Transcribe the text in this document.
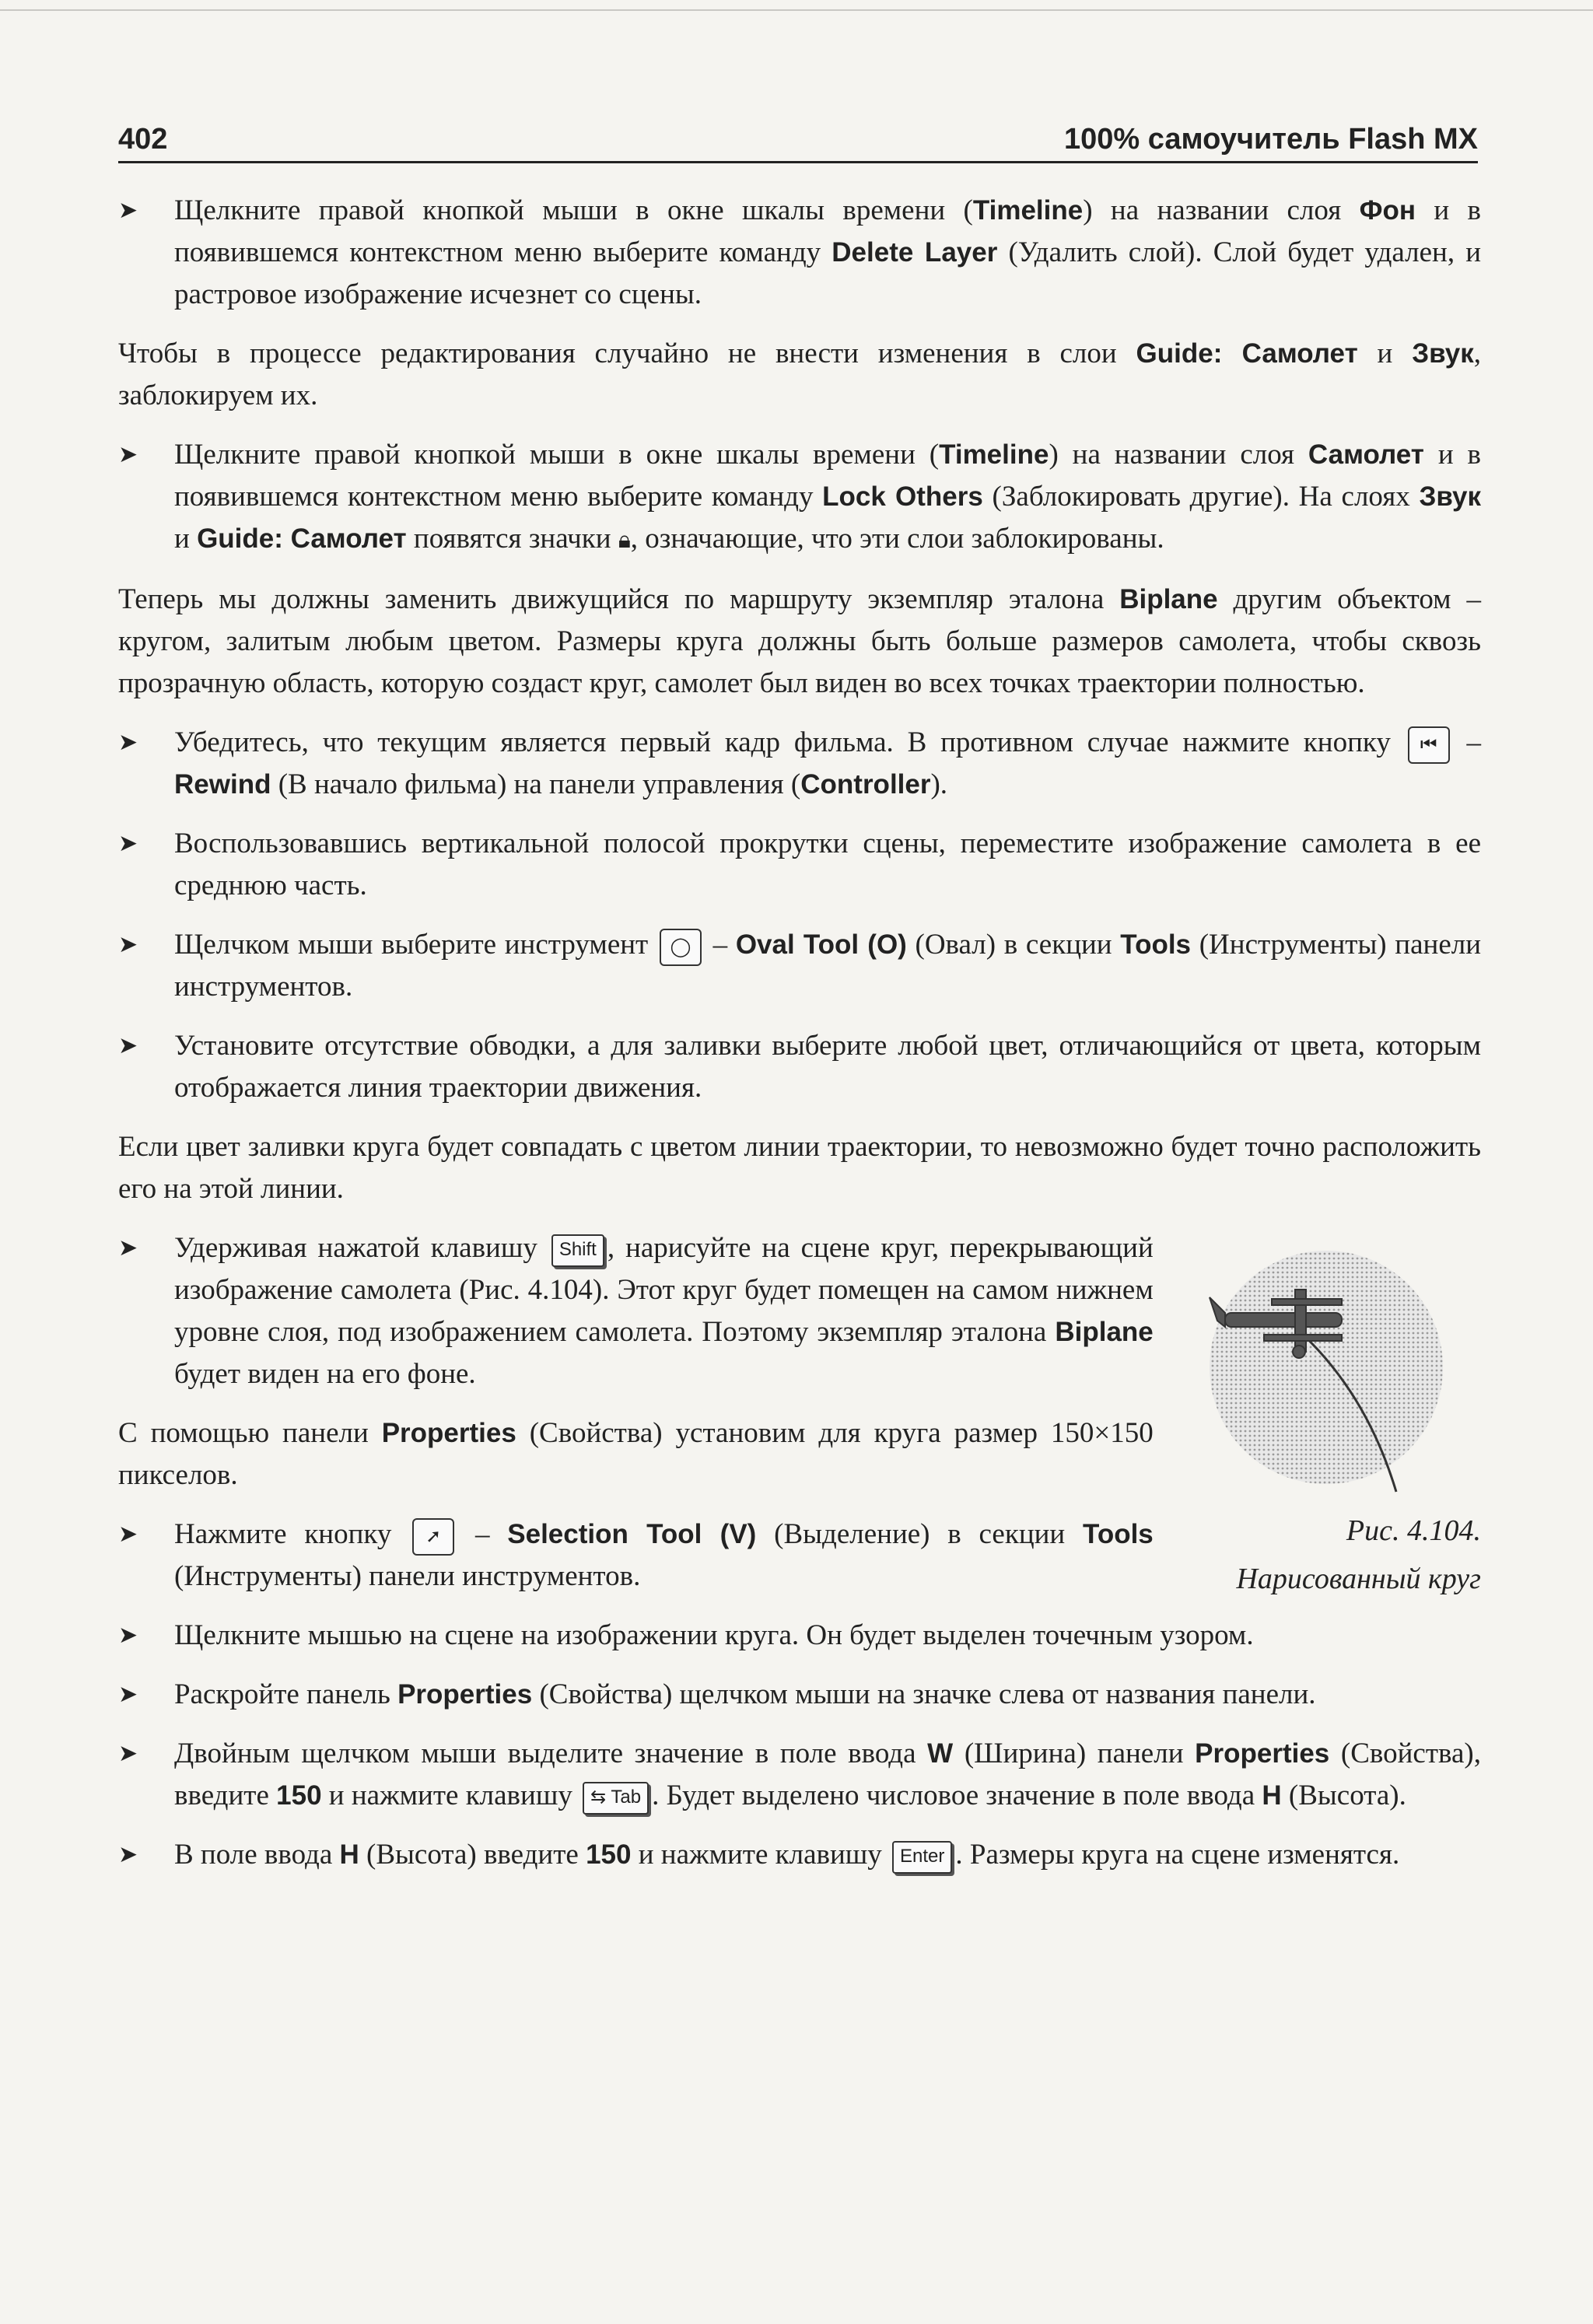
402	100% самоучитель Flash MX
➤ Щелкните правой кнопкой мыши в окне шкалы времени (Timeline) на названии слоя Фон и в появившемся контекстном меню выберите команду Delete Layer (Удалить слой). Слой будет удален, и растровое изображение исчезнет со сцены.
Чтобы в процессе редактирования случайно не внести изменения в слои Guide: Самолет и Звук, заблокируем их.
➤ Щелкните правой кнопкой мыши в окне шкалы времени (Timeline) на названии слоя Самолет и в появившемся контекстном меню выберите команду Lock Others (Заблокировать другие). На слоях Звук и Guide: Самолет появятся значки 🔒︎, означающие, что эти слои заблокированы.
Теперь мы должны заменить движущийся по маршруту экземпляр эталона Biplane другим объектом – кругом, залитым любым цветом. Размеры круга должны быть больше размеров самолета, чтобы сквозь прозрачную область, которую создаст круг, самолет был виден во всех точках траектории полностью.
➤ Убедитесь, что текущим является первый кадр фильма. В противном случае нажмите кнопку ⏮ – Rewind (В начало фильма) на панели управления (Controller).
➤ Воспользовавшись вертикальной полосой прокрутки сцены, переместите изображение самолета в ее среднюю часть.
➤ Щелчком мыши выберите инструмент ◯ – Oval Tool (O) (Овал) в секции Tools (Инструменты) панели инструментов.
➤ Установите отсутствие обводки, а для заливки выберите любой цвет, отличающийся от цвета, которым отображается линия траектории движения.
Если цвет заливки круга будет совпадать с цветом линии траектории, то невозможно будет точно расположить его на этой линии.
➤ Удерживая нажатой клавишу Shift , нарисуйте на сцене круг, перекрывающий изображение самолета (Рис. 4.104). Этот круг будет помещен на самом нижнем уровне слоя, под изображением самолета. Поэтому экземпляр эталона Biplane будет виден на его фоне.
С помощью панели Properties (Свойства) установим для круга размер 150×150 пикселов.
➤ Нажмите кнопку ➚ – Selection Tool (V) (Выделение) в секции Tools (Инструменты) панели инструментов.
Рис. 4.104.
Нарисованный круг
➤ Щелкните мышью на сцене на изображении круга. Он будет выделен точечным узором.
➤ Раскройте панель Properties (Свойства) щелчком мыши на значке слева от названия панели.
➤ Двойным щелчком мыши выделите значение в поле ввода W (Ширина) панели Properties (Свойства), введите 150 и нажмите клавишу ⇆ Tab . Будет выделено числовое значение в поле ввода H (Высота).
➤ В поле ввода H (Высота) введите 150 и нажмите клавишу Enter . Размеры круга на сцене изменятся.
